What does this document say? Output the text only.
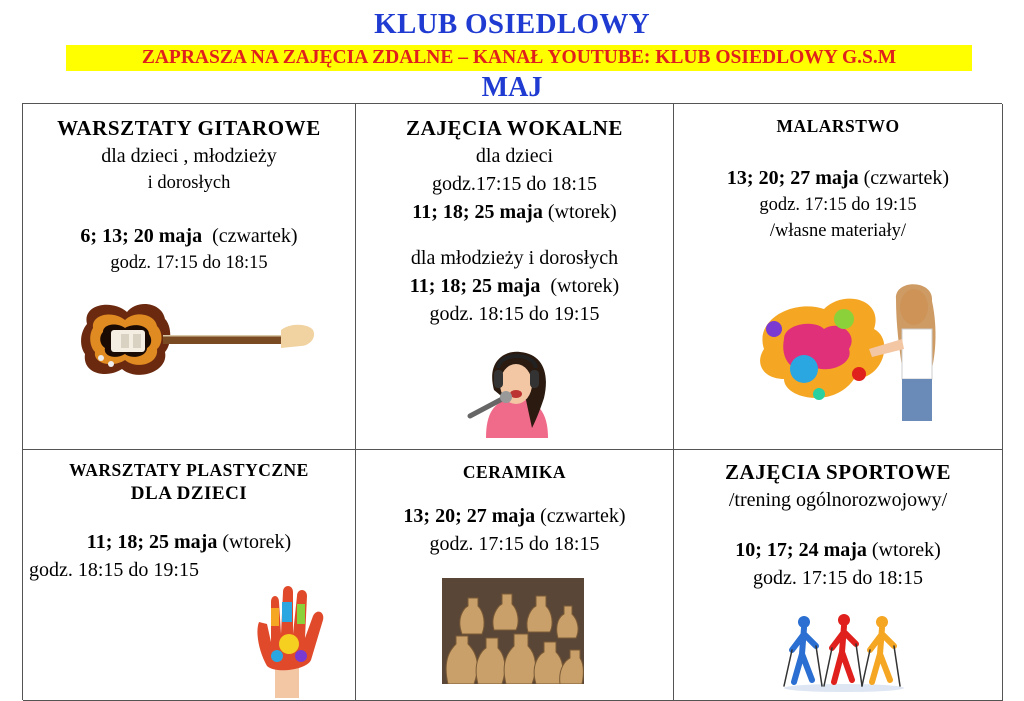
KLUB OSIEDLOWY
ZAPRASZA NA ZAJĘCIA ZDALNE – KANAŁ YOUTUBE: KLUB OSIEDLOWY G.S.M
MAJ
WARSZTATY GITAROWE
dla dzieci , młodzieży
i dorosłych
6; 13; 20 maja  (czwartek)
godz. 17:15 do 18:15
ZAJĘCIA WOKALNE
dla dzieci
godz.17:15 do 18:15
11; 18; 25 maja (wtorek)
dla młodzieży i dorosłych
11; 18; 25 maja  (wtorek)
godz. 18:15 do 19:15
MALARSTWO
13; 20; 27 maja (czwartek)
godz. 17:15 do 19:15
/własne materiały/
WARSZTATY PLASTYCZNE
DLA DZIECI
11; 18; 25 maja (wtorek)
godz. 18:15 do 19:15
CERAMIKA
13; 20; 27 maja (czwartek)
godz. 17:15 do 18:15
ZAJĘCIA SPORTOWE
/trening ogólnorozwojowy/
10; 17; 24 maja (wtorek)
godz. 17:15 do 18:15
